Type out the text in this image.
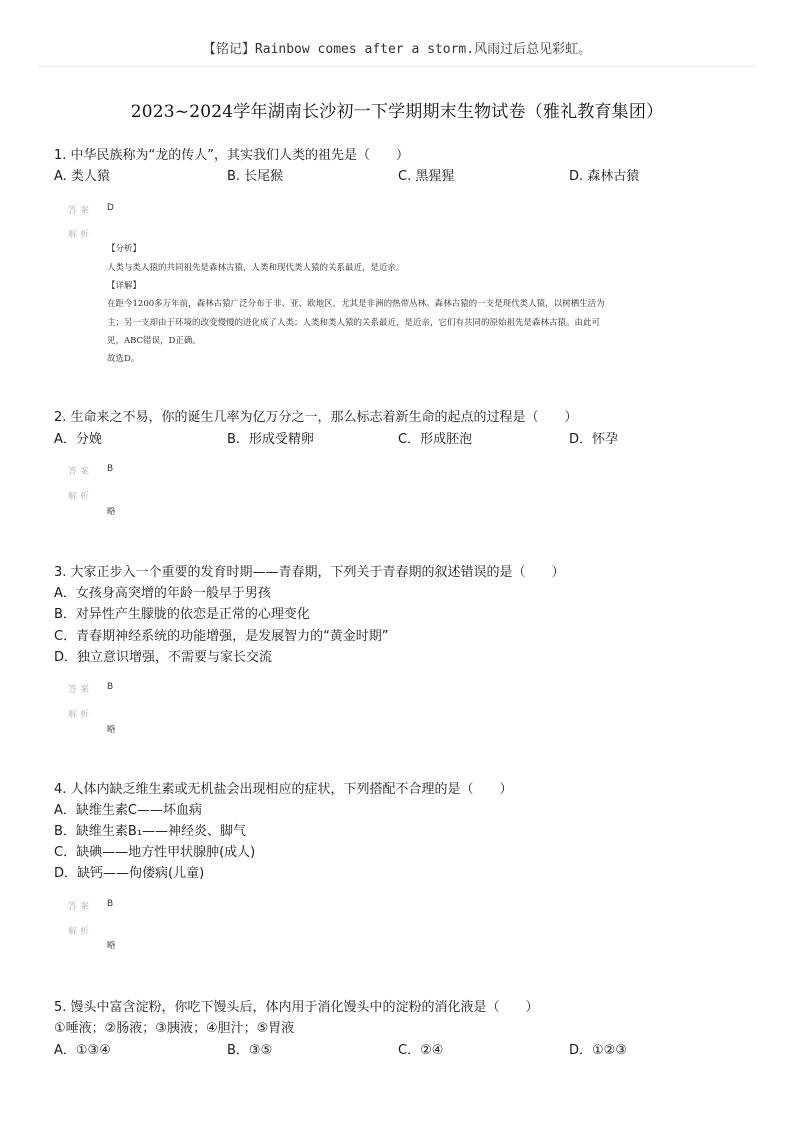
【铭记】Rainbow comes after a storm.风雨过后总见彩虹。
2023~2024学年湖南长沙初一下学期期末生物试卷（雅礼教育集团）
1. 中华民族称为“龙的传人”，其实我们人类的祖先是（　　）
A. 类人猿	B. 长尾猴	C. 黑猩猩	D. 森林古猿
答案 D
解析
【分析】
人类与类人猿的共同祖先是森林古猿，人类和现代类人猿的关系最近，是近亲。
【详解】
在距今1200多万年前，森林古猿广泛分布于非、亚、欧地区，尤其是非洲的热带丛林。森林古猿的一支是现代类人猿，以树栖生活为
主；另一支却由于环境的改变慢慢的进化成了人类；人类和类人猿的关系最近，是近亲，它们有共同的原始祖先是森林古猿。由此可
见，ABC错误，D正确。
故选D。
2. 生命来之不易，你的诞生几率为亿万分之一，那么标志着新生命的起点的过程是（　　）
A．分娩	B．形成受精卵	C．形成胚泡	D．怀孕
答案 B
解析
略
3. 大家正步入一个重要的发育时期——青春期，下列关于青春期的叙述错误的是（　　）
A．女孩身高突增的年龄一般早于男孩
B．对异性产生朦胧的依恋是正常的心理变化
C．青春期神经系统的功能增强，是发展智力的“黄金时期”
D．独立意识增强，不需要与家长交流
答案 B
解析
略
4. 人体内缺乏维生素或无机盐会出现相应的症状，下列搭配不合理的是（　　）
A．缺维生素C——坏血病
B．缺维生素B₁——神经炎、脚气
C．缺碘——地方性甲状腺肿(成人)
D．缺钙——佝偻病(儿童)
答案 B
解析
略
5. 馒头中富含淀粉，你吃下馒头后，体内用于消化馒头中的淀粉的消化液是（　　）
①唾液；②肠液；③胰液；④胆汁；⑤胃液
A．①③④	B．③⑤	C．②④	D．①②③
